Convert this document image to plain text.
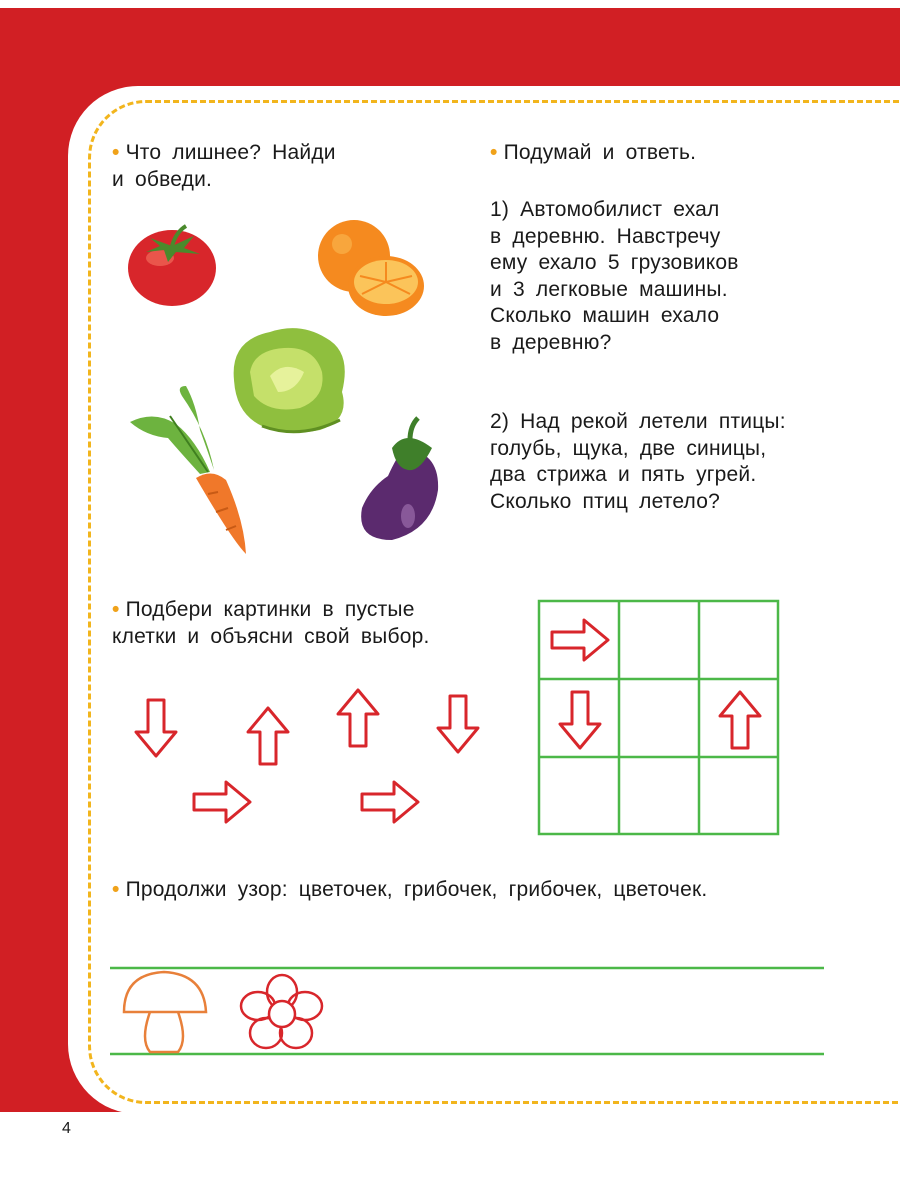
• Что лишнее? Найди
и обведи.
• Подумай и ответь.
1) Автомобилист ехал
в деревню. Навстречу
ему ехало 5 грузовиков
и 3 легковые машины.
Сколько машин ехало
в деревню?
2) Над рекой летели птицы:
голубь, щука, две синицы,
два стрижа и пять угрей.
Сколько птиц летело?
• Подбери картинки в пустые
клетки и объясни свой выбор.
• Продолжи узор: цветочек, грибочек, грибочек, цветочек.
4
